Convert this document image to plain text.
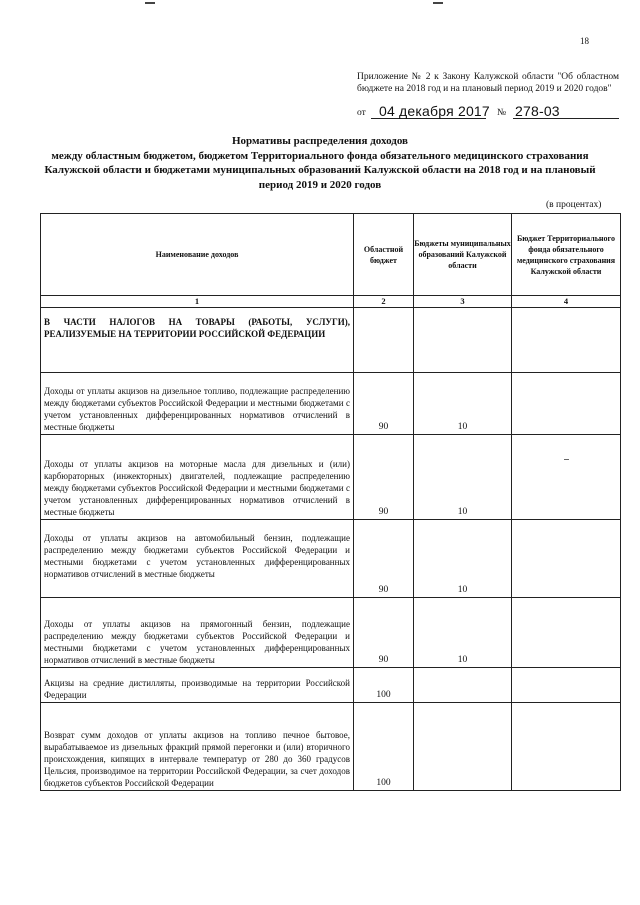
18
Приложение № 2 к Закону Калужской области "Об областном бюджете на 2018 год и на плановый период 2019 и 2020 годов"
от 04 декабря 2017 № 278-03
Нормативы распределения доходов
между областным бюджетом, бюджетом Территориального фонда обязательного медицинского страхования Калужской области и бюджетами муниципальных образований Калужской области на 2018 год и на плановый период 2019 и 2020 годов
(в процентах)
Наименование доходов	Областной бюджет	Бюджеты муниципальных образований Калужской области	Бюджет Территориального фонда обязательного медицинского страхования Калужской области
1	2	3	4
В ЧАСТИ НАЛОГОВ НА ТОВАРЫ (РАБОТЫ, УСЛУГИ), РЕАЛИЗУЕМЫЕ НА ТЕРРИТОРИИ РОССИЙСКОЙ ФЕДЕРАЦИИ			
Доходы от уплаты акцизов на дизельное топливо, подлежащие распределению между бюджетами субъектов Российской Федерации и местными бюджетами с учетом установленных дифференцированных нормативов отчислений в местные бюджеты	90	10	
Доходы от уплаты акцизов на моторные масла для дизельных и (или) карбюраторных (инжекторных) двигателей, подлежащие распределению между бюджетами субъектов Российской Федерации и местными бюджетами с учетом установленных дифференцированных нормативов отчислений в местные бюджеты	90	10	
Доходы от уплаты акцизов на автомобильный бензин, подлежащие распределению между бюджетами субъектов Российской Федерации и местными бюджетами с учетом установленных дифференцированных нормативов отчислений в местные бюджеты	90	10	
Доходы от уплаты акцизов на прямогонный бензин, подлежащие распределению между бюджетами субъектов Российской Федерации и местными бюджетами с учетом установленных дифференцированных нормативов отчислений в местные бюджеты	90	10	
Акцизы на средние дистилляты, производимые на территории Российской Федерации	100		
Возврат сумм доходов от уплаты акцизов на топливо печное бытовое, вырабатываемое из дизельных фракций прямой перегонки и (или) вторичного происхождения, кипящих в интервале температур от 280 до 360 градусов Цельсия, производимое на территории Российской Федерации, за счет доходов бюджетов субъектов Российской Федерации	100		
